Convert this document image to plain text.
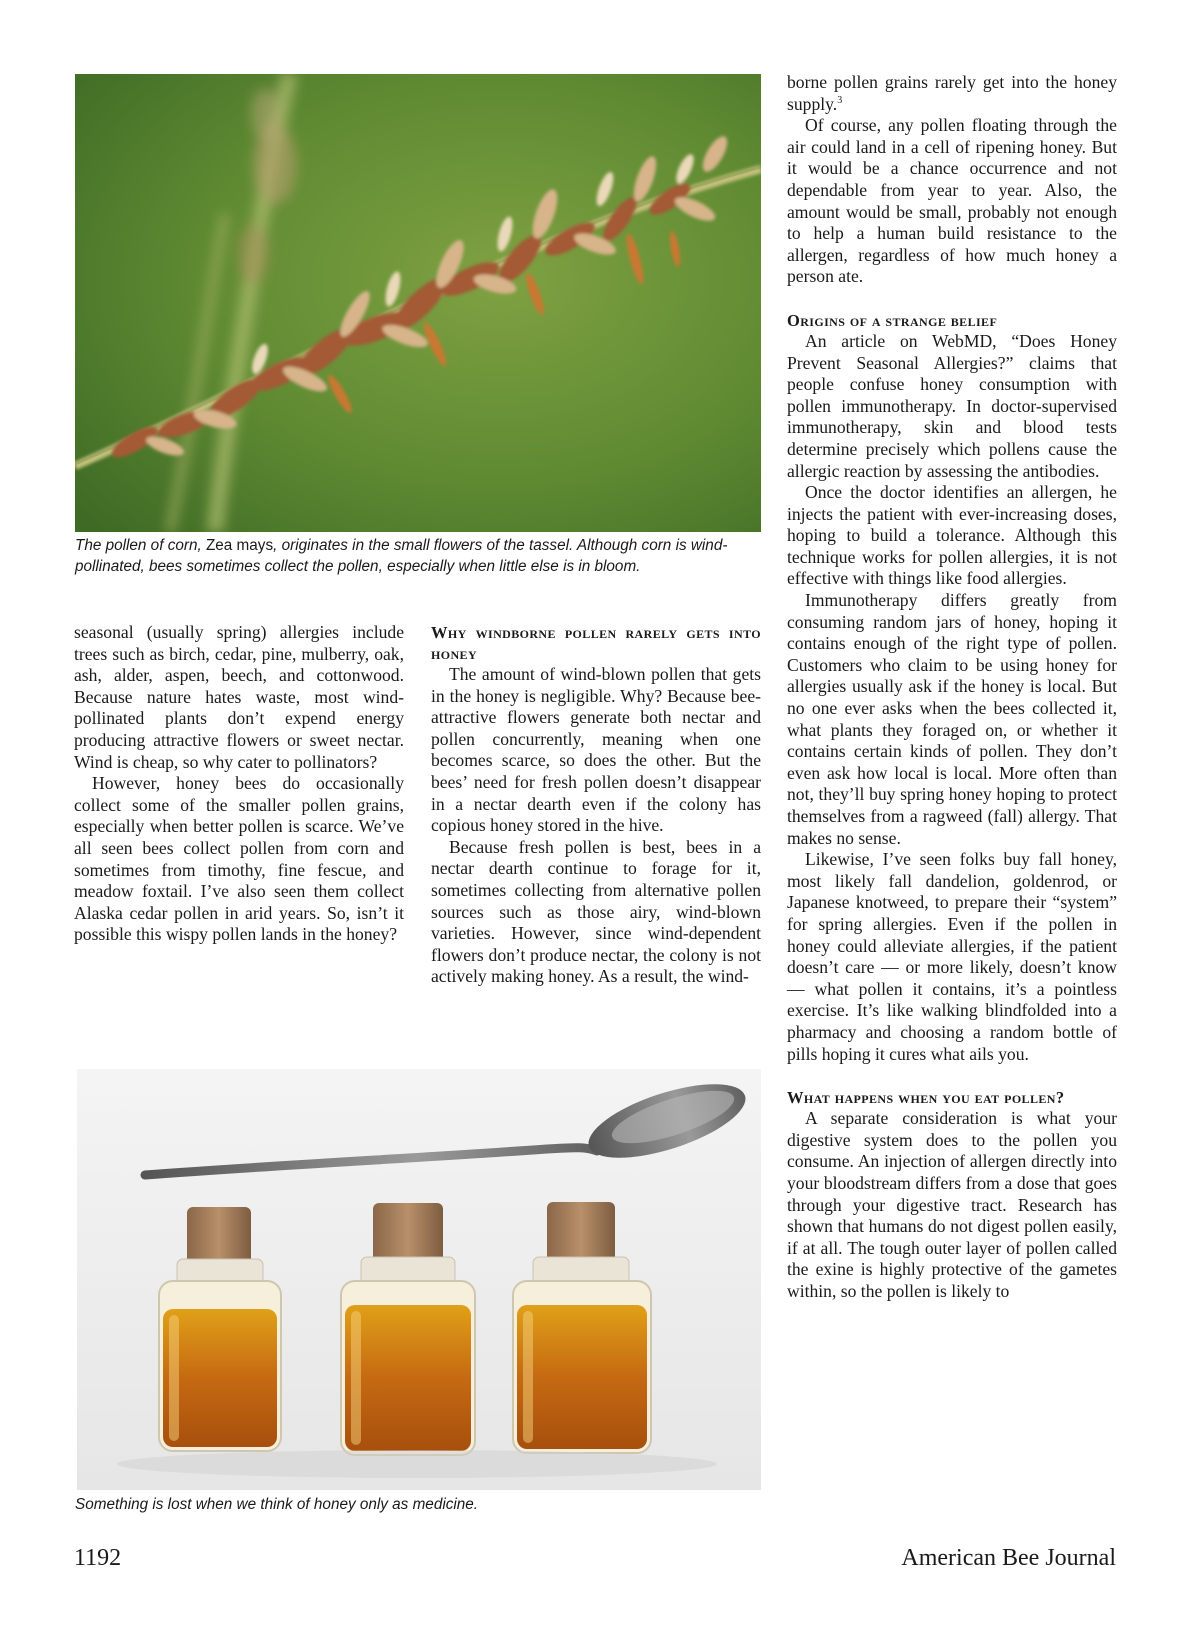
The pollen of corn, Zea mays, originates in the small flowers of the tassel. Although corn is wind-pollinated, bees sometimes collect the pollen, especially when little else is in bloom.

seasonal (usually spring) allergies include trees such as birch, cedar, pine, mulberry, oak, ash, alder, aspen, beech, and cottonwood. Because nature hates waste, most wind-pollinated plants don’t expend energy producing attractive flowers or sweet nectar. Wind is cheap, so why cater to pollinators?

However, honey bees do occasionally collect some of the smaller pollen grains, especially when better pollen is scarce. We’ve all seen bees collect pollen from corn and sometimes from timothy, fine fescue, and meadow foxtail. I’ve also seen them collect Alaska cedar pollen in arid years. So, isn’t it possible this wispy pollen lands in the honey?

Why windborne pollen rarely gets into honey

The amount of wind-blown pollen that gets in the honey is negligible. Why? Because bee-attractive flowers generate both nectar and pollen concurrently, meaning when one becomes scarce, so does the other. But the bees’ need for fresh pollen doesn’t disappear in a nectar dearth even if the colony has copious honey stored in the hive.

Because fresh pollen is best, bees in a nectar dearth continue to forage for it, sometimes collecting from alternative pollen sources such as those airy, wind-blown varieties. However, since wind-dependent flowers don’t produce nectar, the colony is not actively making honey. As a result, the wind-

Something is lost when we think of honey only as medicine.

borne pollen grains rarely get into the honey supply.$^3$

Of course, any pollen floating through the air could land in a cell of ripening honey. But it would be a chance occurrence and not dependable from year to year. Also, the amount would be small, probably not enough to help a human build resistance to the allergen, regardless of how much honey a person ate.

Origins of a strange belief

An article on WebMD, “Does Honey Prevent Seasonal Allergies?” claims that people confuse honey consumption with pollen immunotherapy. In doctor-supervised immunotherapy, skin and blood tests determine precisely which pollens cause the allergic reaction by assessing the antibodies.

Once the doctor identifies an allergen, he injects the patient with ever-increasing doses, hoping to build a tolerance. Although this technique works for pollen allergies, it is not effective with things like food allergies.

Immunotherapy differs greatly from consuming random jars of honey, hoping it contains enough of the right type of pollen. Customers who claim to be using honey for allergies usually ask if the honey is local. But no one ever asks when the bees collected it, what plants they foraged on, or whether it contains certain kinds of pollen. They don’t even ask how local is local. More often than not, they’ll buy spring honey hoping to protect themselves from a ragweed (fall) allergy. That makes no sense.

Likewise, I’ve seen folks buy fall honey, most likely fall dandelion, goldenrod, or Japanese knotweed, to prepare their “system” for spring allergies. Even if the pollen in honey could alleviate allergies, if the patient doesn’t care — or more likely, doesn’t know — what pollen it contains, it’s a pointless exercise. It’s like walking blindfolded into a pharmacy and choosing a random bottle of pills hoping it cures what ails you.

What happens when you eat pollen?

A separate consideration is what your digestive system does to the pollen you consume. An injection of allergen directly into your bloodstream differs from a dose that goes through your digestive tract. Research has shown that humans do not digest pollen easily, if at all. The tough outer layer of pollen called the exine is highly protective of the gametes within, so the pollen is likely to

1192	American Bee Journal
